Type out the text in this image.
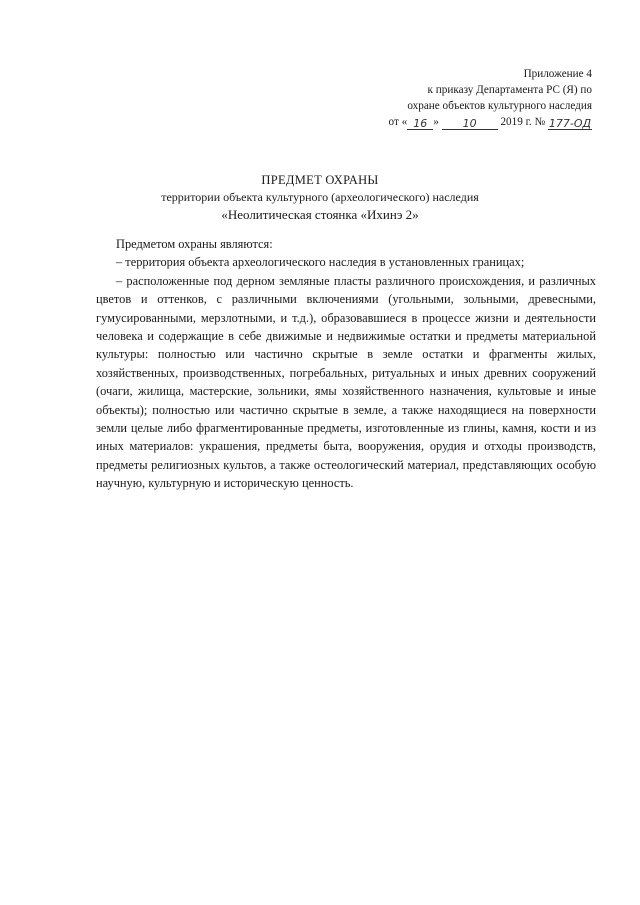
Приложение 4
к приказу Департамента РС (Я) по
охране объектов культурного наследия
от « 16 » 10 2019 г. № 177-ОД
ПРЕДМЕТ ОХРАНЫ
территории объекта культурного (археологического) наследия
«Неолитическая стоянка «Ихинэ 2»

Предметом охраны являются:

– территория объекта археологического наследия в установленных границах;

– расположенные под дерном земляные пласты различного происхождения, и различных цветов и оттенков, с различными включениями (угольными, зольными, древесными, гумусированными, мерзлотными, и т.д.), образовавшиеся в процессе жизни и деятельности человека и содержащие в себе движимые и недвижимые остатки и предметы материальной культуры: полностью или частично скрытые в земле остатки и фрагменты жилых, хозяйственных, производственных, погребальных, ритуальных и иных древних сооружений (очаги, жилища, мастерские, зольники, ямы хозяйственного назначения, культовые и иные объекты); полностью или частично скрытые в земле, а также находящиеся на поверхности земли целые либо фрагментированные предметы, изготовленные из глины, камня, кости и из иных материалов: украшения, предметы быта, вооружения, орудия и отходы производств, предметы религиозных культов, а также остеологический материал, представляющих особую научную, культурную и историческую ценность.
